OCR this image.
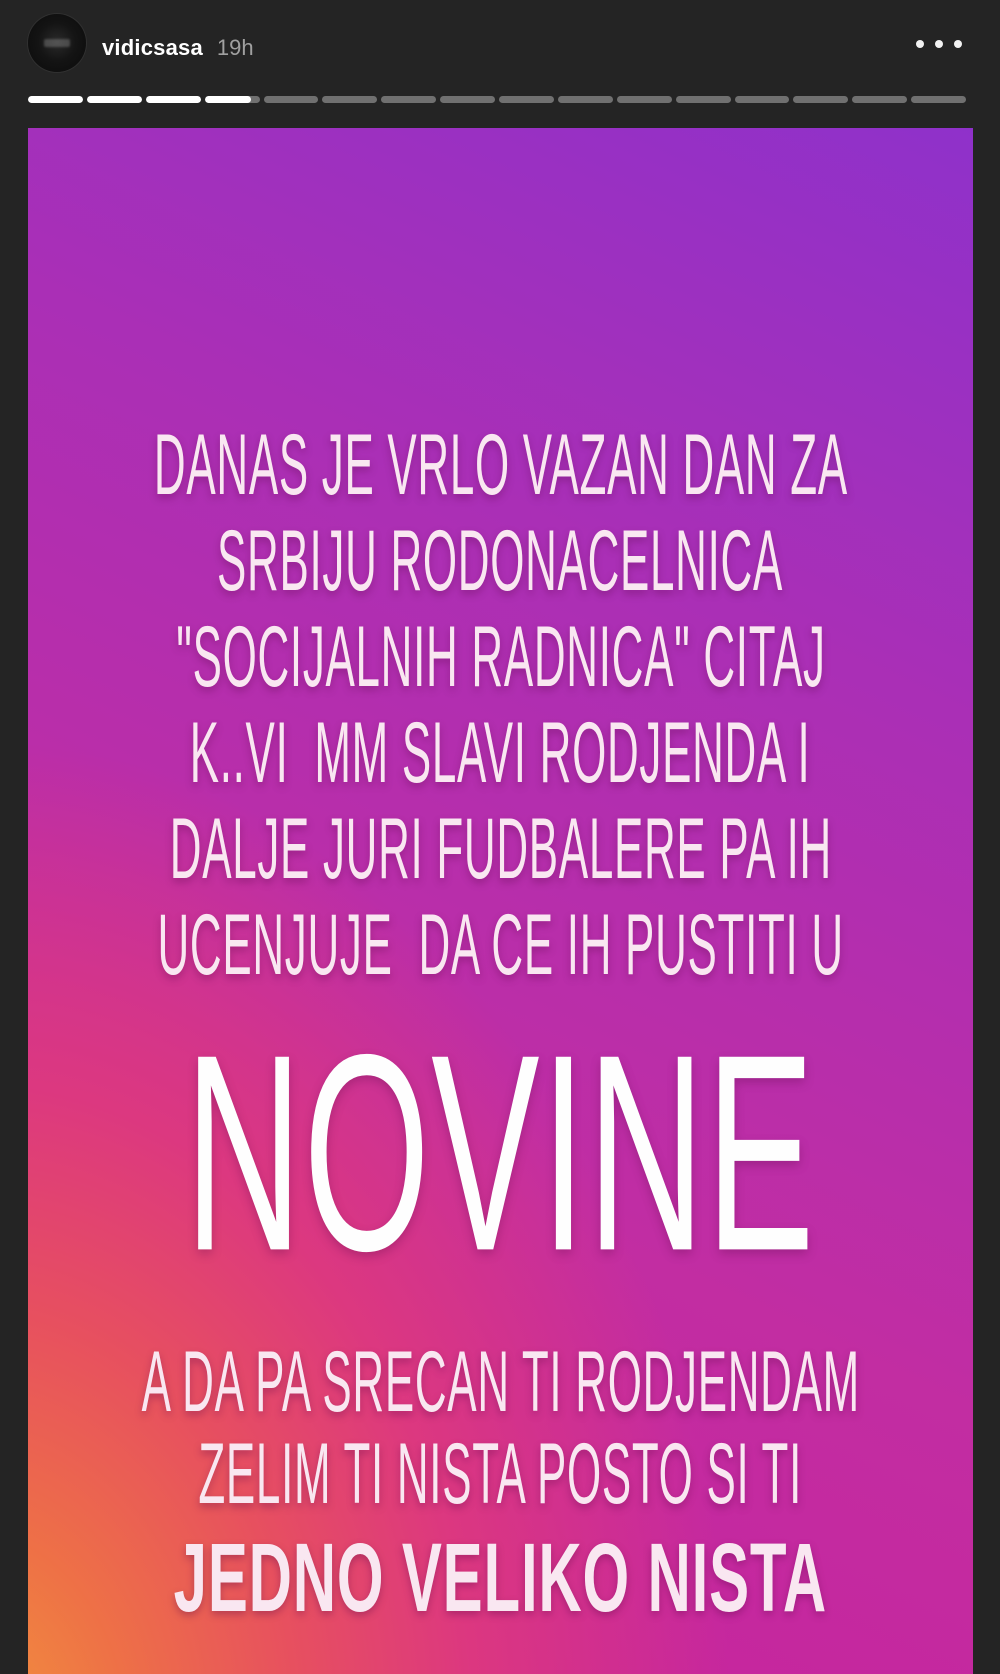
vidicsasa 19h
DANAS JE VRLO VAZAN DAN ZA
SRBIJU RODONACELNICA
"SOCIJALNIH RADNICA" CITAJ
K..VI  MM SLAVI RODJENDA I
DALJE JURI FUDBALERE PA IH
UCENJUJE  DA CE IH PUSTITI U
NOVINE
A DA PA SRECAN TI RODJENDAM
ZELIM TI NISTA POSTO SI TI
JEDNO VELIKO NISTA
